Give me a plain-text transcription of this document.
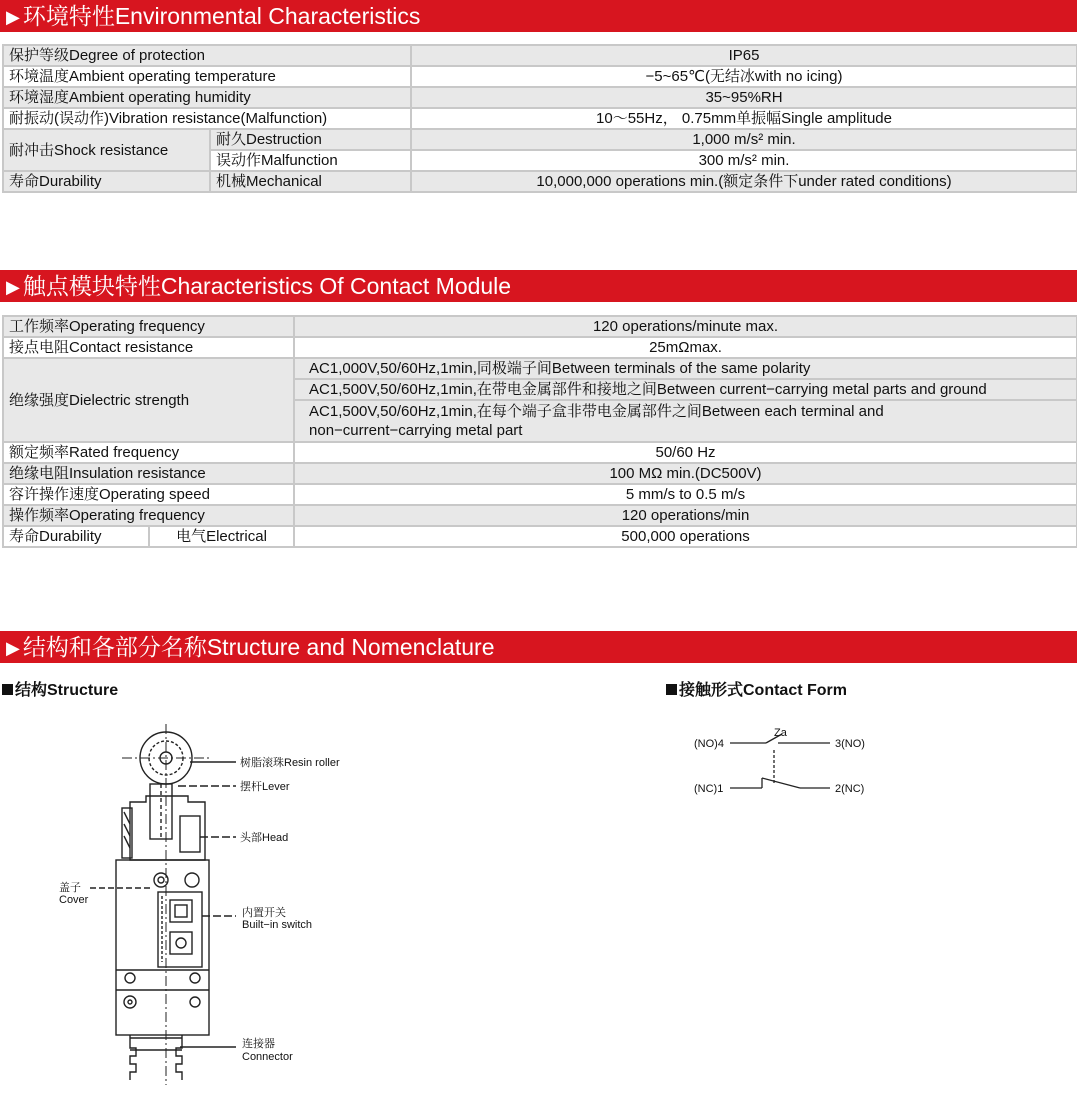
▶ 环境特性Environmental Characteristics
保护等级Degree of protection		IP65
环境温度Ambient operating temperature		−5~65℃(无结冰with no icing)
环境湿度Ambient operating humidity		35~95%RH
耐振动(误动作)Vibration resistance(Malfunction)		10～55Hz， 0.75mm单振幅Single amplitude
耐冲击Shock resistance	耐久Destruction	1,000 m/s² min.
	误动作Malfunction	300 m/s² min.
寿命Durability	机械Mechanical	10,000,000 operations min.(额定条件下under rated conditions)
▶ 触点模块特性Characteristics Of Contact Module
工作频率Operating frequency		120 operations/minute max.
接点电阻Contact resistance		25mΩmax.
绝缘强度Dielectric strength		AC1,000V,50/60Hz,1min,同极端子间Between terminals of the same polarity
		AC1,500V,50/60Hz,1min,在带电金属部件和接地之间Between current−carrying metal parts and ground
		AC1,500V,50/60Hz,1min,在每个端子盒非带电金属部件之间Between each terminal and
non−current−carrying metal part
额定频率Rated frequency		50/60 Hz
绝缘电阻Insulation resistance		100 MΩ min.(DC500V)
容许操作速度Operating speed		5 mm/s to 0.5 m/s
操作频率Operating frequency		120 operations/min
寿命Durability	电气Electrical	500,000 operations
▶ 结构和各部分名称Structure and Nomenclature
结构Structure	接触形式Contact Form
树脂滚珠Resin roller
摆杆Lever
头部Head
盖子
Cover
内置开关
Built−in switch
连接器
Connector
(NO)4
Za
3(NO)
(NC)1	2(NC)
